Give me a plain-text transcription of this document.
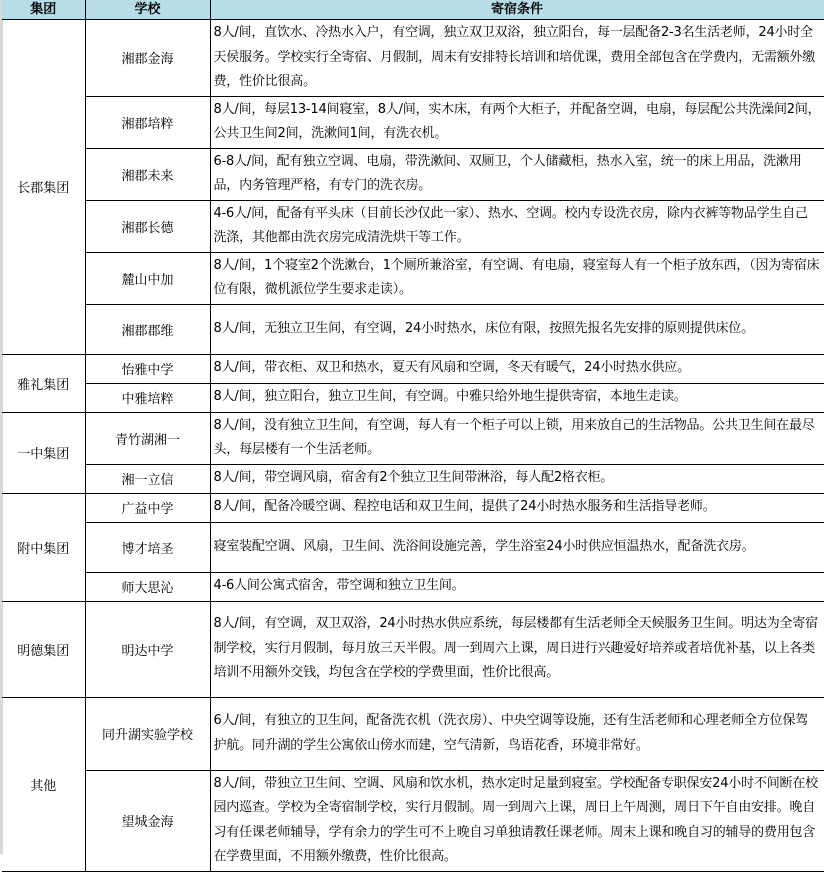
集团	学校	寄宿条件
长郡集团	湘郡金海	8人/间，直饮水、冷热水入户，有空调，独立双卫双浴，独立阳台，每一层配备2-3名生活老师，24小时全天侯服务。学校实行全寄宿、月假制，周末有安排特长培训和培优课，费用全部包含在学费内，无需额外缴费，性价比很高。
	湘郡培粹	8人/间，每层13-14间寝室，8人/间，实木床，有两个大柜子，并配备空调，电扇，每层配公共洗澡间2间，公共卫生间2间，洗漱间1间，有洗衣机。
	湘郡未来	6-8人/间，配有独立空调、电扇，带洗漱间、双厕卫，个人储藏柜，热水入室，统一的床上用品，洗漱用品，内务管理严格，有专门的洗衣房。
	湘郡长德	4-6人/间，配备有平头床（目前长沙仅此一家）、热水、空调。校内专设洗衣房，除内衣裤等物品学生自己洗涤，其他都由洗衣房完成清洗烘干等工作。
	麓山中加	8人/间，1个寝室2个洗漱台，1个厕所兼浴室，有空调、有电扇，寝室每人有一个柜子放东西，（因为寄宿床位有限，微机派位学生要求走读）。
	湘郡郡维	8人/间，无独立卫生间，有空调，24小时热水，床位有限，按照先报名先安排的原则提供床位。
雅礼集团	怡雅中学	8人/间，带衣柜、双卫和热水，夏天有风扇和空调，冬天有暖气，24小时热水供应。
	中雅培粹	8人/间，独立阳台，独立卫生间，有空调。中雅只给外地生提供寄宿，本地生走读。
一中集团	青竹湖湘一	8人/间，没有独立卫生间，有空调，每人有一个柜子可以上锁，用来放自己的生活物品。公共卫生间在最尽头，每层楼有一个生活老师。
	湘一立信	8人/间，带空调风扇，宿舍有2个独立卫生间带淋浴，每人配2格衣柜。
附中集团	广益中学	8人/间，配备冷暖空调、程控电话和双卫生间，提供了24小时热水服务和生活指导老师。
	博才培圣	寝室装配空调、风扇，卫生间、洗浴间设施完善，学生浴室24小时供应恒温热水，配备洗衣房。
	师大思沁	4-6人间公寓式宿舍，带空调和独立卫生间。
明德集团	明达中学	8人/间，有空调，双卫双浴，24小时热水供应系统，每层楼都有生活老师全天候服务卫生间。明达为全寄宿制学校，实行月假制，每月放三天半假。周一到周六上课，周日进行兴趣爱好培养或者培优补基，以上各类培训不用额外交钱，均包含在学校的学费里面，性价比很高。
其他	同升湖实验学校	6人/间，有独立的卫生间，配备洗衣机（洗衣房）、中央空调等设施，还有生活老师和心理老师全方位保驾护航。同升湖的学生公寓依山傍水而建，空气清新，鸟语花香，环境非常好。
	望城金海	8人/间，带独立卫生间、空调、风扇和饮水机，热水定时足量到寝室。学校配备专职保安24小时不间断在校园内巡查。学校为全寄宿制学校，实行月假制。周一到周六上课，周日上午周测，周日下午自由安排。晚自习有任课老师辅导，学有余力的学生可不上晚自习单独请教任课老师。周末上课和晚自习的辅导的费用包含在学费里面，不用额外缴费，性价比很高。
